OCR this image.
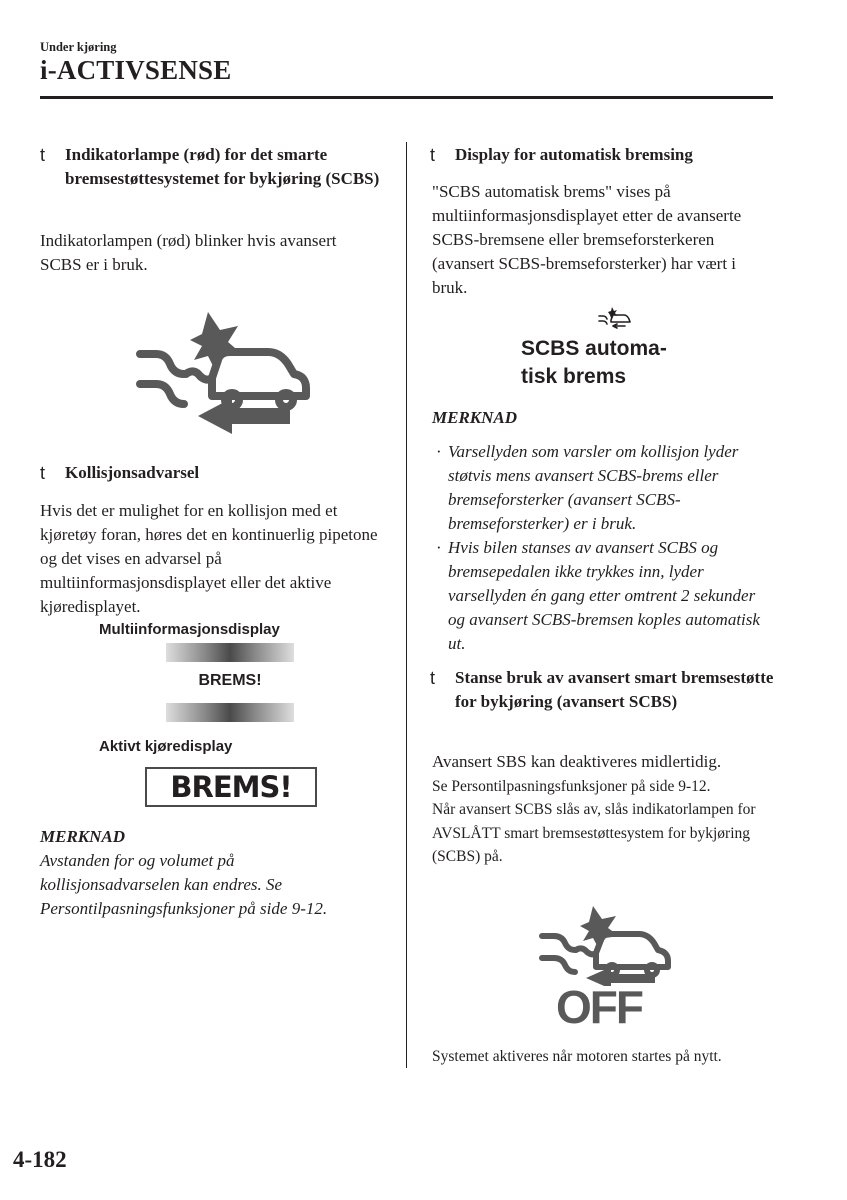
Under kjøring
i-ACTIVSENSE
t	Indikatorlampe (rød) for det smarte bremsestøttesystemet for bykjøring (SCBS)
Indikatorlampen (rød) blinker hvis avansert SCBS er i bruk.
t	Kollisjonsadvarsel
Hvis det er mulighet for en kollisjon med et kjøretøy foran, høres det en kontinuerlig pipetone og det vises en advarsel på multiinformasjonsdisplayet eller det aktive kjøredisplayet.
Multiinformasjonsdisplay
BREMS!
Aktivt kjøredisplay
BREMS!
MERKNAD
Avstanden for og volumet på kollisjonsadvarselen kan endres. Se Persontilpasningsfunksjoner på side 9-12.
t	Display for automatisk bremsing
"SCBS automatisk brems" vises på multiinformasjonsdisplayet etter de avanserte SCBS-bremsene eller bremseforsterkeren (avansert SCBS-bremseforsterker) har vært i bruk.
SCBS automa-
tisk brems
MERKNAD
· Varsellyden som varsler om kollisjon lyder støtvis mens avansert SCBS-brems eller bremseforsterker (avansert SCBS-bremseforsterker) er i bruk.
· Hvis bilen stanses av avansert SCBS og bremsepedalen ikke trykkes inn, lyder varsellyden én gang etter omtrent 2 sekunder og avansert SCBS-bremsen koples automatisk ut.
t	Stanse bruk av avansert smart bremsestøtte for bykjøring (avansert SCBS)
Avansert SBS kan deaktiveres midlertidig.
Se Persontilpasningsfunksjoner på side 9-12.
Når avansert SCBS slås av, slås indikatorlampen for AVSLÅTT smart bremsestøttesystem for bykjøring (SCBS) på.
OFF
Systemet aktiveres når motoren startes på nytt.
4-182
